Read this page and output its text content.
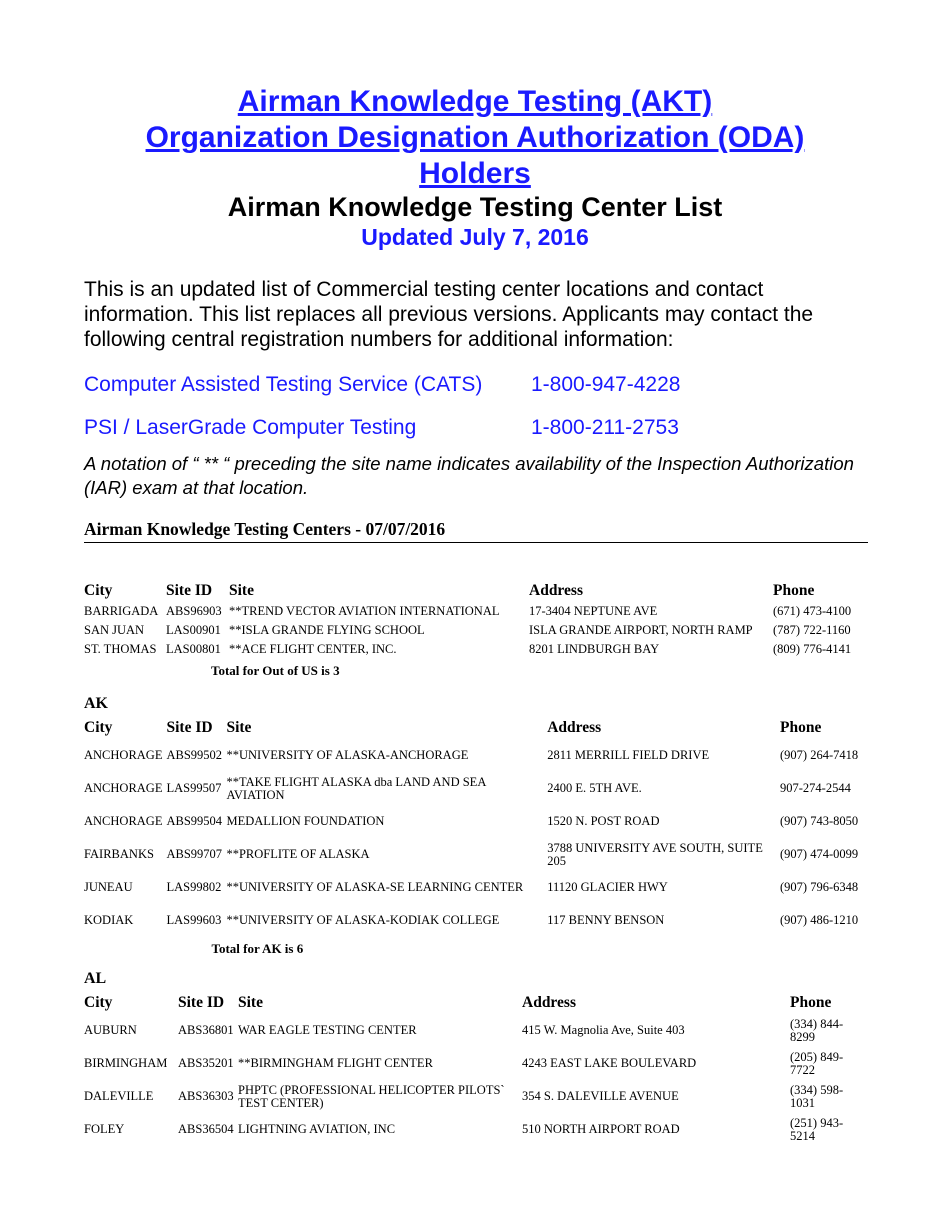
Airman Knowledge Testing (AKT)
Organization Designation Authorization (ODA)
Holders
Airman Knowledge Testing Center List
Updated July 7, 2016
This is an updated list of Commercial testing center locations and contact information. This list replaces all previous versions. Applicants may contact the following central registration numbers for additional information:
Computer Assisted Testing Service (CATS) 1-800-947-4228
PSI / LaserGrade Computer Testing	1-800-211-2753
A notation of “ ** “ preceding the site name indicates availability of the Inspection Authorization (IAR) exam at that location.
Airman Knowledge Testing Centers - 07/07/2016
City	Site ID	Site	Address	Phone
BARRIGADA	ABS96903	**TREND VECTOR AVIATION INTERNATIONAL	17-3404 NEPTUNE AVE	(671) 473-4100
SAN JUAN	LAS00901	**ISLA GRANDE FLYING SCHOOL	ISLA GRANDE AIRPORT, NORTH RAMP	(787) 722-1160
ST. THOMAS	LAS00801	**ACE FLIGHT CENTER, INC.	8201 LINDBURGH BAY	(809) 776-4141
	Total for Out of US is 3			
AK
City	Site ID	Site	Address	Phone
ANCHORAGE	ABS99502	**UNIVERSITY OF ALASKA-ANCHORAGE	2811 MERRILL FIELD DRIVE	(907) 264-7418
ANCHORAGE	LAS99507	**TAKE FLIGHT ALASKA dba LAND AND SEA AVIATION	2400 E. 5TH AVE.	907-274-2544
ANCHORAGE	ABS99504	MEDALLION FOUNDATION	1520 N. POST ROAD	(907) 743-8050
FAIRBANKS	ABS99707	**PROFLITE OF ALASKA	3788 UNIVERSITY AVE SOUTH, SUITE 205	(907) 474-0099
JUNEAU	LAS99802	**UNIVERSITY OF ALASKA-SE LEARNING CENTER	11120 GLACIER HWY	(907) 796-6348
KODIAK	LAS99603	**UNIVERSITY OF ALASKA-KODIAK COLLEGE	117 BENNY BENSON	(907) 486-1210
	Total for AK is 6			
AL
City	Site ID	Site	Address	Phone
AUBURN	ABS36801	WAR EAGLE TESTING CENTER	415 W. Magnolia Ave, Suite 403	(334) 844-8299
BIRMINGHAM	ABS35201	**BIRMINGHAM FLIGHT CENTER	4243 EAST LAKE BOULEVARD	(205) 849-7722
DALEVILLE	ABS36303	PHPTC (PROFESSIONAL HELICOPTER PILOTS` TEST CENTER)	354 S. DALEVILLE AVENUE	(334) 598-1031
FOLEY	ABS36504	LIGHTNING AVIATION, INC	510 NORTH AIRPORT ROAD	(251) 943-5214
